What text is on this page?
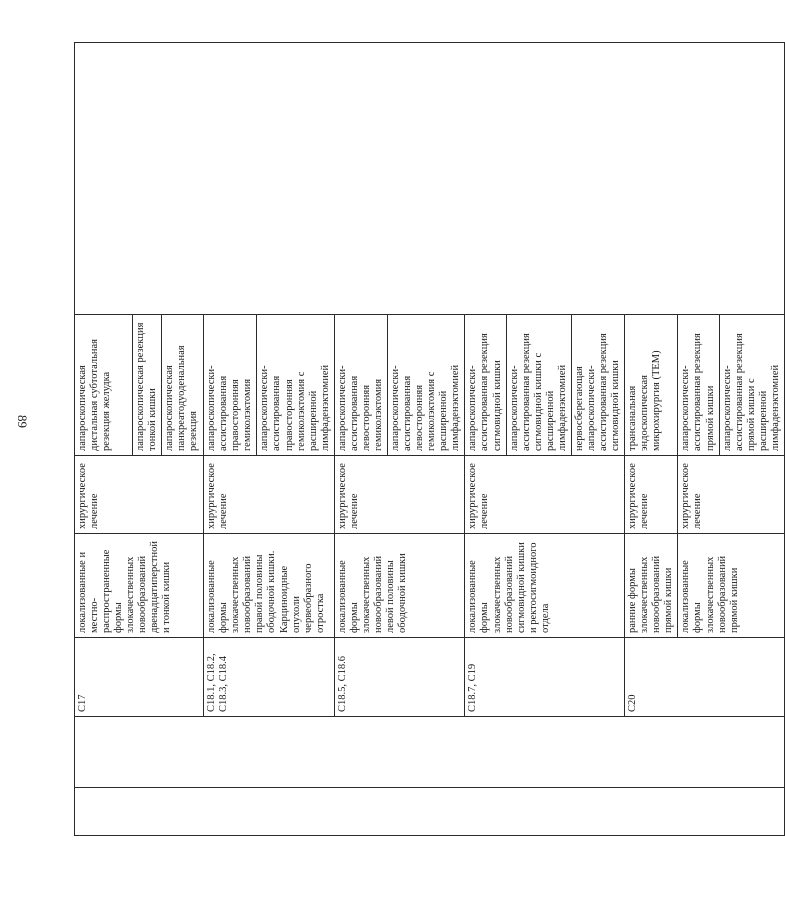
89
		C17	локализованные и местно-распространенные формы злокачественных новообразований двенадцатиперстной и тонкой кишки	хирургическое лечение	лапароскопическая дистальная субтотальная резекция желудка	
					лапароскопическая резекция тонкой кишки	
					лапароскопическая панкреатодуоденальная резекция	
		C18.1, C18.2, C18.3, C18.4	локализованные формы злокачественных новообразований правой половины ободочной кишки. Карциноидные опухоли червеобразного отростка	хирургическое лечение	лапароскопически-ассистированная правосторонняя гемиколэктомия	
					лапароскопически-ассистированная правосторонняя гемиколэктомия с расширенной лимфаденэктомией	
		C18.5, C18.6	локализованные формы злокачественных новообразований левой половины ободочной кишки	хирургическое лечение	лапароскопически-ассистированная левосторонняя гемиколэктомия	
					лапароскопически-ассистированная левосторонняя гемиколэктомия с расширенной лимфаденэктомией	
		C18.7, C19	локализованные формы злокачественных новообразований сигмовидной кишки и ректосигмоидного отдела	хирургическое лечение	лапароскопически-ассистированная резекция сигмовидной кишки	
					лапароскопически-ассистированная резекция сигмовидной кишки с расширенной лимфаденэктомией	
					нервосберегающая лапароскопически-ассистированная резекция сигмовидной кишки	
		C20	ранние формы злокачественных новообразований прямой кишки	хирургическое лечение	трансанальная эндоскопическая микрохирургия (ТЕМ)	
			локализованные формы злокачественных новообразований прямой кишки	хирургическое лечение	лапароскопически-ассистированная резекция прямой кишки	
					лапароскопически-ассистированная резекция прямой кишки с расширенной лимфаденэктомией	
